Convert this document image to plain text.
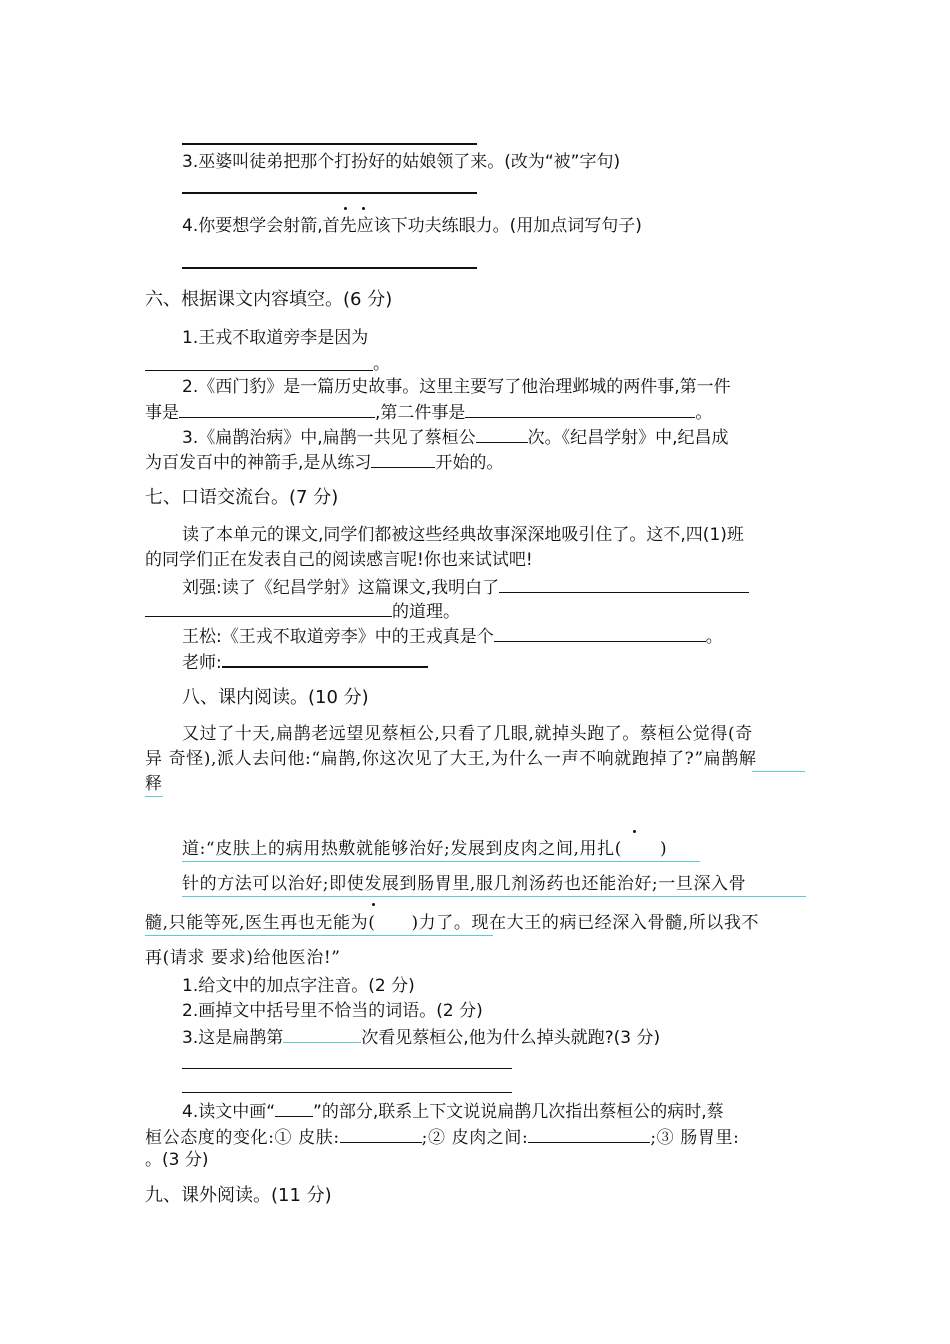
3.巫婆叫徒弟把那个打扮好的姑娘领了来。(改为“被”字句)
4.你要想学会射箭,首先应该下功夫练眼力。(用加点词写句子)
六、根据课文内容填空。(6 分)
1.王戎不取道旁李是因为
。
2.《西门豹》是一篇历史故事。这里主要写了他治理邺城的两件事,第一件
事是	,第二件事是	。
3.《扁鹊治病》中,扁鹊一共见了蔡桓公	次。《纪昌学射》中,纪昌成
为百发百中的神箭手,是从练习	开始的。
七、口语交流台。(7 分)
读了本单元的课文,同学们都被这些经典故事深深地吸引住了。这不,四(1)班
的同学们正在发表自己的阅读感言呢!你也来试试吧!
刘强:读了《纪昌学射》这篇课文,我明白了
的道理。
王松:《王戎不取道旁李》中的王戎真是个	。
老师:
八、课内阅读。(10 分)
又过了十天,扁鹊老远望见蔡桓公,只看了几眼,就掉头跑了。蔡桓公觉得(奇
异 奇怪),派人去问他:“扁鹊,你这次见了大王,为什么一声不响就跑掉了?”扁鹊解
释
道:“皮肤上的病用热敷就能够治好;发展到皮肉之间,用扎( )
针的方法可以治好;即使发展到肠胃里,服几剂汤药也还能治好;一旦深入骨
髓,只能等死,医生再也无能为( )力了。现在大王的病已经深入骨髓,所以我不
再(请求 要求)给他医治!”
1.给文中的加点字注音。(2 分)
2.画掉文中括号里不恰当的词语。(2 分)
3.这是扁鹊第	次看见蔡桓公,他为什么掉头就跑?(3 分)
4.读文中画“ ”的部分,联系上下文说说扁鹊几次指出蔡桓公的病时,蔡
桓公态度的变化:① 皮肤:	;② 皮肉之间:	;③ 肠胃里:
。(3 分)
九、课外阅读。(11 分)
